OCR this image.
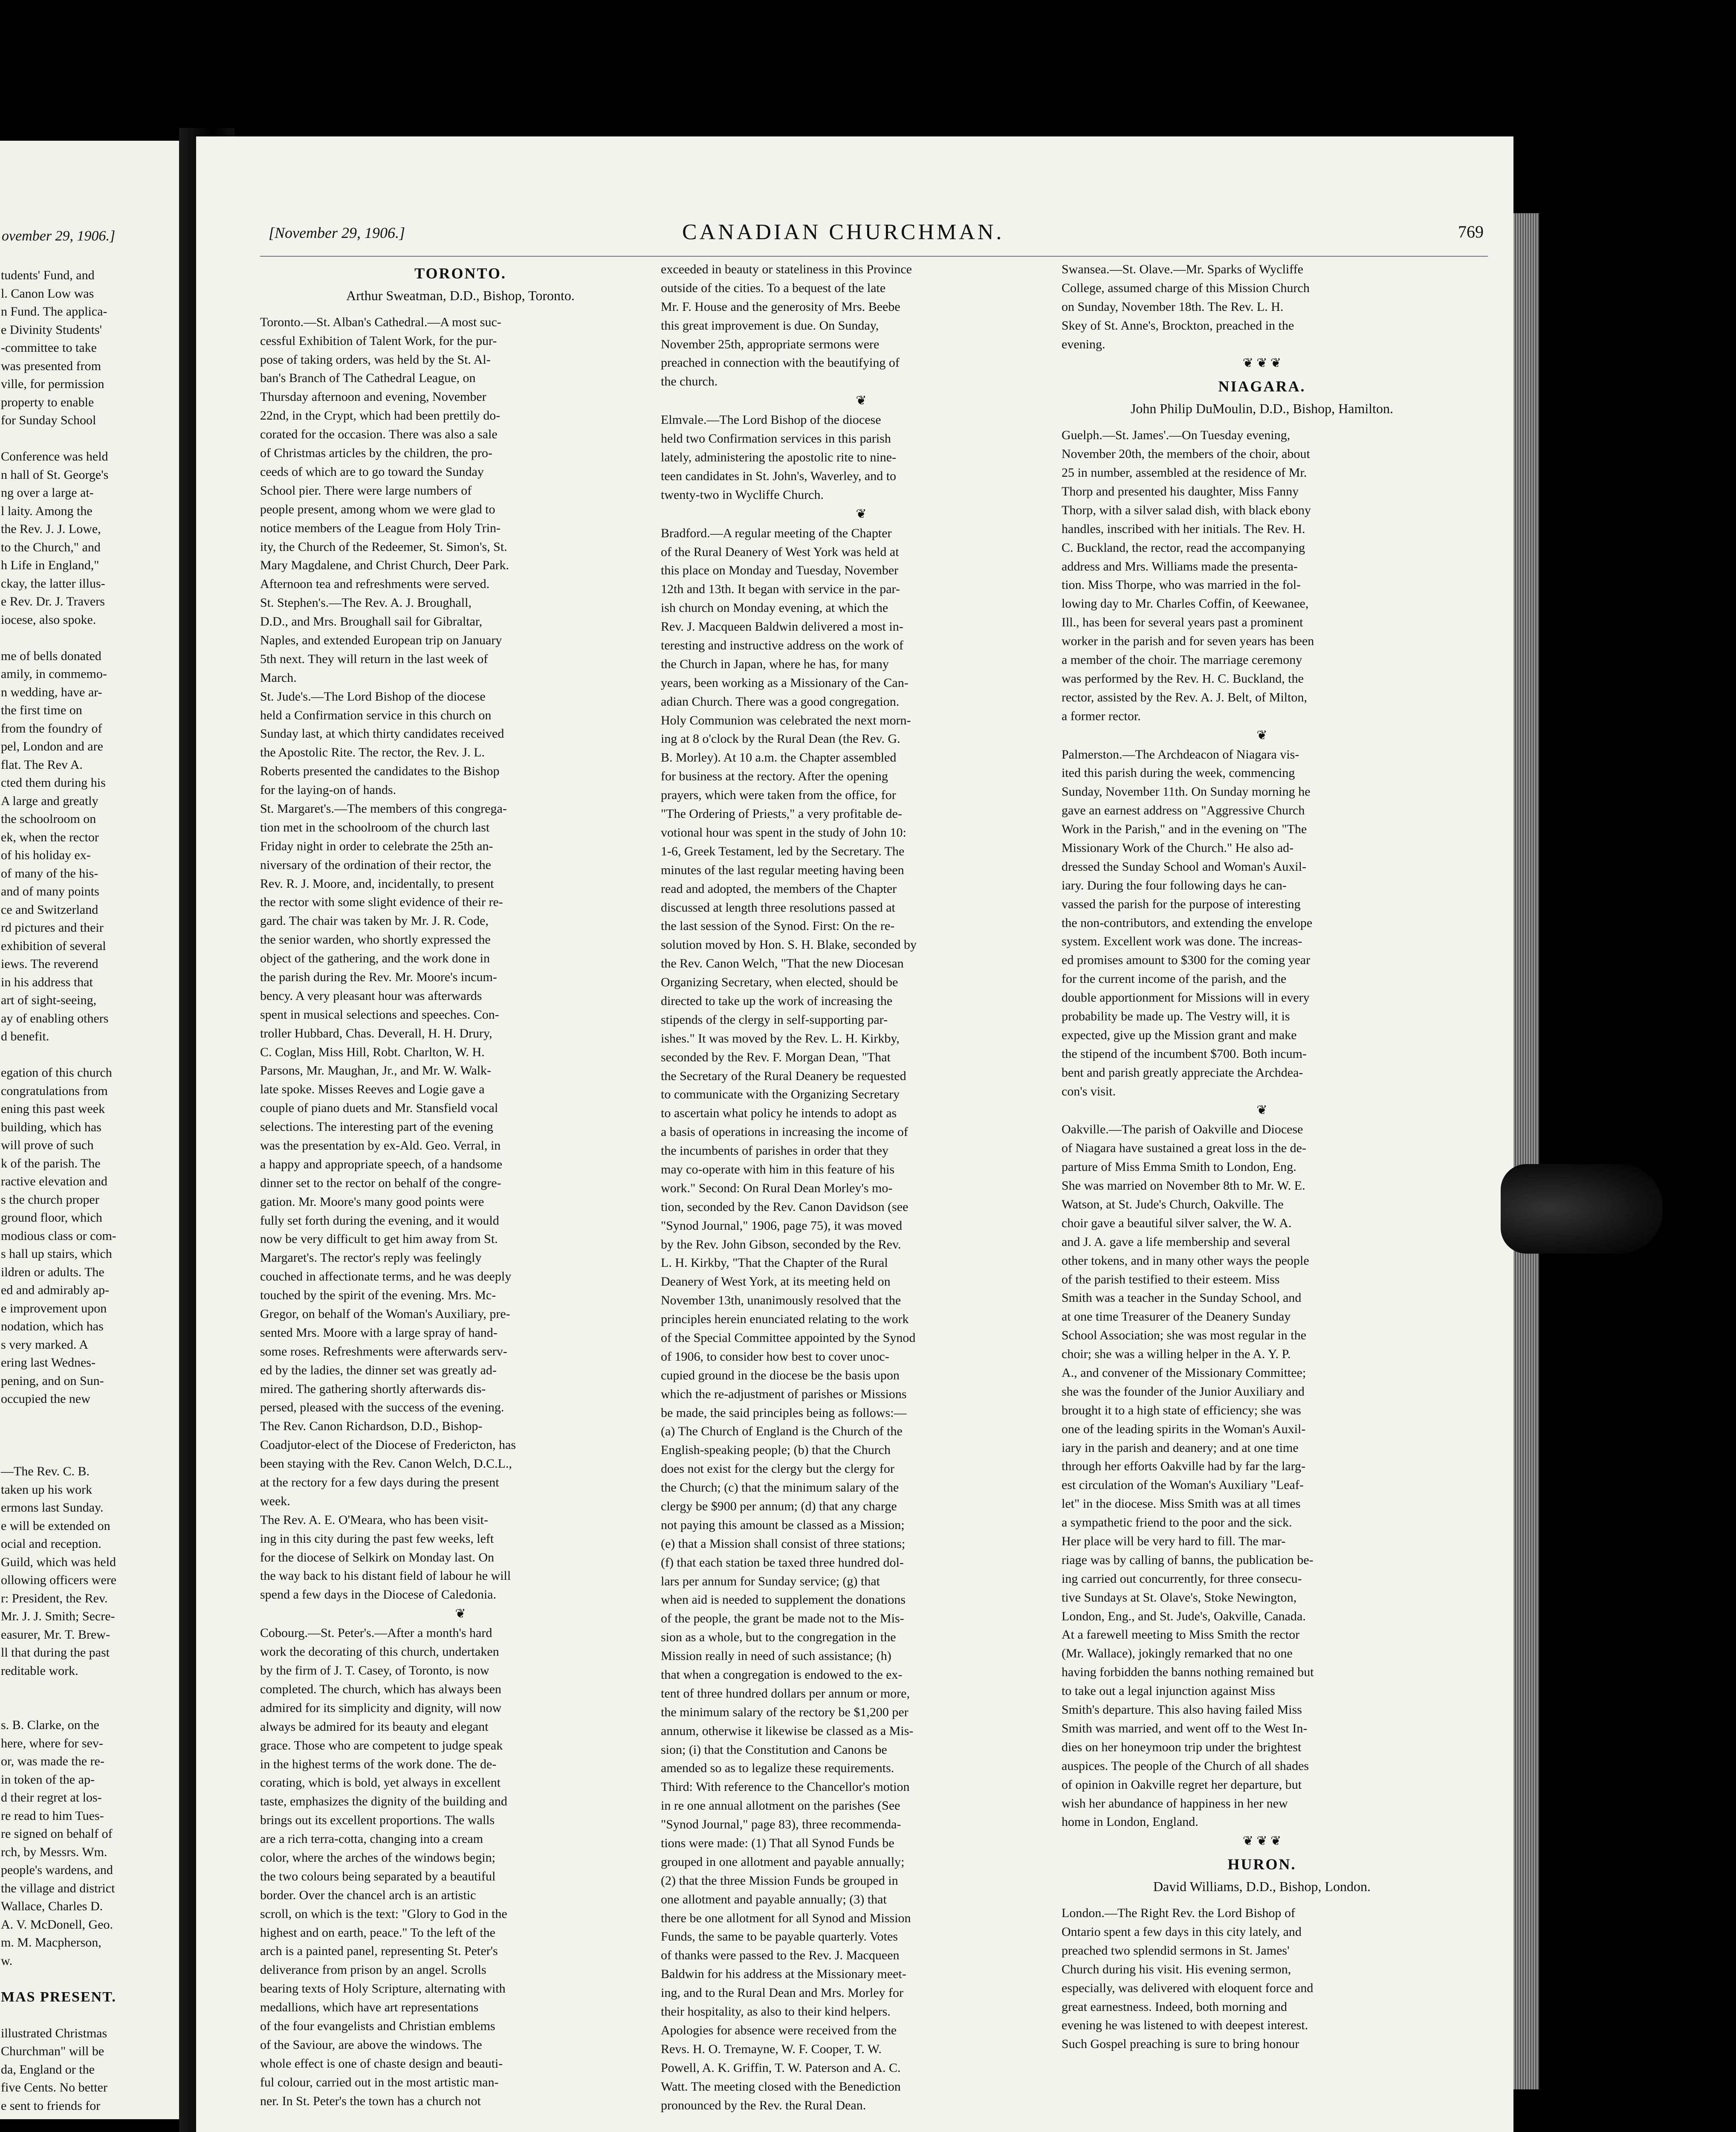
ovember 29, 1906.]
tudents' Fund, and
l. Canon Low was
n Fund. The applica-
e Divinity Students'
-committee to take
was presented from
ville, for permission
property to enable
for Sunday School
Conference was held
n hall of St. George's
ng over a large at-
l laity. Among the
the Rev. J. J. Lowe,
to the Church," and
h Life in England,"
ckay, the latter illus-
e Rev. Dr. J. Travers
iocese, also spoke.
me of bells donated
amily, in commemo-
n wedding, have ar-
the first time on
from the foundry of
pel, London and are
flat. The Rev A.
cted them during his
A large and greatly
the schoolroom on
ek, when the rector
of his holiday ex-
of many of the his-
and of many points
ce and Switzerland
rd pictures and their
exhibition of several
iews. The reverend
in his address that
art of sight-seeing,
ay of enabling others
d benefit.
egation of this church
congratulations from
ening this past week
building, which has
will prove of such
k of the parish. The
ractive elevation and
s the church proper
ground floor, which
modious class or com-
s hall up stairs, which
ildren or adults. The
ed and admirably ap-
e improvement upon
nodation, which has
s very marked. A
ering last Wednes-
pening, and on Sun-
occupied the new
—The Rev. C. B.
taken up his work
ermons last Sunday.
e will be extended on
ocial and reception.
Guild, which was held
ollowing officers were
r: President, the Rev.
Mr. J. J. Smith; Secre-
easurer, Mr. T. Brew-
ll that during the past
reditable work.
s. B. Clarke, on the
here, where for sev-
or, was made the re-
in token of the ap-
d their regret at los-
re read to him Tues-
re signed on behalf of
rch, by Messrs. Wm.
people's wardens, and
the village and district
Wallace, Charles D.
A. V. McDonell, Geo.
m. M. Macpherson,
w.
MAS PRESENT.
illustrated Christmas
Churchman" will be
da, England or the
five Cents. No better
e sent to friends for
[November 29, 1906.]	CANADIAN CHURCHMAN.	769
TORONTO.
Arthur Sweatman, D.D., Bishop, Toronto.
Toronto.—St. Alban's Cathedral.—A most suc-
cessful Exhibition of Talent Work, for the pur-
pose of taking orders, was held by the St. Al-
ban's Branch of The Cathedral League, on
Thursday afternoon and evening, November
22nd, in the Crypt, which had been prettily do-
corated for the occasion. There was also a sale
of Christmas articles by the children, the pro-
ceeds of which are to go toward the Sunday
School pier. There were large numbers of
people present, among whom we were glad to
notice members of the League from Holy Trin-
ity, the Church of the Redeemer, St. Simon's, St.
Mary Magdalene, and Christ Church, Deer Park.
Afternoon tea and refreshments were served.
St. Stephen's.—The Rev. A. J. Broughall,
D.D., and Mrs. Broughall sail for Gibraltar,
Naples, and extended European trip on January
5th next. They will return in the last week of
March.
St. Jude's.—The Lord Bishop of the diocese
held a Confirmation service in this church on
Sunday last, at which thirty candidates received
the Apostolic Rite. The rector, the Rev. J. L.
Roberts presented the candidates to the Bishop
for the laying-on of hands.
St. Margaret's.—The members of this congrega-
tion met in the schoolroom of the church last
Friday night in order to celebrate the 25th an-
niversary of the ordination of their rector, the
Rev. R. J. Moore, and, incidentally, to present
the rector with some slight evidence of their re-
gard. The chair was taken by Mr. J. R. Code,
the senior warden, who shortly expressed the
object of the gathering, and the work done in
the parish during the Rev. Mr. Moore's incum-
bency. A very pleasant hour was afterwards
spent in musical selections and speeches. Con-
troller Hubbard, Chas. Deverall, H. H. Drury,
C. Coglan, Miss Hill, Robt. Charlton, W. H.
Parsons, Mr. Maughan, Jr., and Mr. W. Walk-
late spoke. Misses Reeves and Logie gave a
couple of piano duets and Mr. Stansfield vocal
selections. The interesting part of the evening
was the presentation by ex-Ald. Geo. Verral, in
a happy and appropriate speech, of a handsome
dinner set to the rector on behalf of the congre-
gation. Mr. Moore's many good points were
fully set forth during the evening, and it would
now be very difficult to get him away from St.
Margaret's. The rector's reply was feelingly
couched in affectionate terms, and he was deeply
touched by the spirit of the evening. Mrs. Mc-
Gregor, on behalf of the Woman's Auxiliary, pre-
sented Mrs. Moore with a large spray of hand-
some roses. Refreshments were afterwards serv-
ed by the ladies, the dinner set was greatly ad-
mired. The gathering shortly afterwards dis-
persed, pleased with the success of the evening.
The Rev. Canon Richardson, D.D., Bishop-
Coadjutor-elect of the Diocese of Fredericton, has
been staying with the Rev. Canon Welch, D.C.L.,
at the rectory for a few days during the present
week.
The Rev. A. E. O'Meara, who has been visit-
ing in this city during the past few weeks, left
for the diocese of Selkirk on Monday last. On
the way back to his distant field of labour he will
spend a few days in the Diocese of Caledonia.
❦
Cobourg.—St. Peter's.—After a month's hard
work the decorating of this church, undertaken
by the firm of J. T. Casey, of Toronto, is now
completed. The church, which has always been
admired for its simplicity and dignity, will now
always be admired for its beauty and elegant
grace. Those who are competent to judge speak
in the highest terms of the work done. The de-
corating, which is bold, yet always in excellent
taste, emphasizes the dignity of the building and
brings out its excellent proportions. The walls
are a rich terra-cotta, changing into a cream
color, where the arches of the windows begin;
the two colours being separated by a beautiful
border. Over the chancel arch is an artistic
scroll, on which is the text: "Glory to God in the
highest and on earth, peace." To the left of the
arch is a painted panel, representing St. Peter's
deliverance from prison by an angel. Scrolls
bearing texts of Holy Scripture, alternating with
medallions, which have art representations
of the four evangelists and Christian emblems
of the Saviour, are above the windows. The
whole effect is one of chaste design and beauti-
ful colour, carried out in the most artistic man-
ner. In St. Peter's the town has a church not
exceeded in beauty or stateliness in this Province
outside of the cities. To a bequest of the late
Mr. F. House and the generosity of Mrs. Beebe
this great improvement is due. On Sunday,
November 25th, appropriate sermons were
preached in connection with the beautifying of
the church.
❦
Elmvale.—The Lord Bishop of the diocese
held two Confirmation services in this parish
lately, administering the apostolic rite to nine-
teen candidates in St. John's, Waverley, and to
twenty-two in Wycliffe Church.
❦
Bradford.—A regular meeting of the Chapter
of the Rural Deanery of West York was held at
this place on Monday and Tuesday, November
12th and 13th. It began with service in the par-
ish church on Monday evening, at which the
Rev. J. Macqueen Baldwin delivered a most in-
teresting and instructive address on the work of
the Church in Japan, where he has, for many
years, been working as a Missionary of the Can-
adian Church. There was a good congregation.
Holy Communion was celebrated the next morn-
ing at 8 o'clock by the Rural Dean (the Rev. G.
B. Morley). At 10 a.m. the Chapter assembled
for business at the rectory. After the opening
prayers, which were taken from the office, for
"The Ordering of Priests," a very profitable de-
votional hour was spent in the study of John 10:
1-6, Greek Testament, led by the Secretary. The
minutes of the last regular meeting having been
read and adopted, the members of the Chapter
discussed at length three resolutions passed at
the last session of the Synod. First: On the re-
solution moved by Hon. S. H. Blake, seconded by
the Rev. Canon Welch, "That the new Diocesan
Organizing Secretary, when elected, should be
directed to take up the work of increasing the
stipends of the clergy in self-supporting par-
ishes." It was moved by the Rev. L. H. Kirkby,
seconded by the Rev. F. Morgan Dean, "That
the Secretary of the Rural Deanery be requested
to communicate with the Organizing Secretary
to ascertain what policy he intends to adopt as
a basis of operations in increasing the income of
the incumbents of parishes in order that they
may co-operate with him in this feature of his
work." Second: On Rural Dean Morley's mo-
tion, seconded by the Rev. Canon Davidson (see
"Synod Journal," 1906, page 75), it was moved
by the Rev. John Gibson, seconded by the Rev.
L. H. Kirkby, "That the Chapter of the Rural
Deanery of West York, at its meeting held on
November 13th, unanimously resolved that the
principles herein enunciated relating to the work
of the Special Committee appointed by the Synod
of 1906, to consider how best to cover unoc-
cupied ground in the diocese be the basis upon
which the re-adjustment of parishes or Missions
be made, the said principles being as follows:—
(a) The Church of England is the Church of the
English-speaking people; (b) that the Church
does not exist for the clergy but the clergy for
the Church; (c) that the minimum salary of the
clergy be $900 per annum; (d) that any charge
not paying this amount be classed as a Mission;
(e) that a Mission shall consist of three stations;
(f) that each station be taxed three hundred dol-
lars per annum for Sunday service; (g) that
when aid is needed to supplement the donations
of the people, the grant be made not to the Mis-
sion as a whole, but to the congregation in the
Mission really in need of such assistance; (h)
that when a congregation is endowed to the ex-
tent of three hundred dollars per annum or more,
the minimum salary of the rectory be $1,200 per
annum, otherwise it likewise be classed as a Mis-
sion; (i) that the Constitution and Canons be
amended so as to legalize these requirements.
Third: With reference to the Chancellor's motion
in re one annual allotment on the parishes (See
"Synod Journal," page 83), three recommenda-
tions were made: (1) That all Synod Funds be
grouped in one allotment and payable annually;
(2) that the three Mission Funds be grouped in
one allotment and payable annually; (3) that
there be one allotment for all Synod and Mission
Funds, the same to be payable quarterly. Votes
of thanks were passed to the Rev. J. Macqueen
Baldwin for his address at the Missionary meet-
ing, and to the Rural Dean and Mrs. Morley for
their hospitality, as also to their kind helpers.
Apologies for absence were received from the
Revs. H. O. Tremayne, W. F. Cooper, T. W.
Powell, A. K. Griffin, T. W. Paterson and A. C.
Watt. The meeting closed with the Benediction
pronounced by the Rev. the Rural Dean.
Swansea.—St. Olave.—Mr. Sparks of Wycliffe
College, assumed charge of this Mission Church
on Sunday, November 18th. The Rev. L. H.
Skey of St. Anne's, Brockton, preached in the
evening.
❦ ❦ ❦
NIAGARA.
John Philip DuMoulin, D.D., Bishop, Hamilton.
Guelph.—St. James'.—On Tuesday evening,
November 20th, the members of the choir, about
25 in number, assembled at the residence of Mr.
Thorp and presented his daughter, Miss Fanny
Thorp, with a silver salad dish, with black ebony
handles, inscribed with her initials. The Rev. H.
C. Buckland, the rector, read the accompanying
address and Mrs. Williams made the presenta-
tion. Miss Thorpe, who was married in the fol-
lowing day to Mr. Charles Coffin, of Keewanee,
Ill., has been for several years past a prominent
worker in the parish and for seven years has been
a member of the choir. The marriage ceremony
was performed by the Rev. H. C. Buckland, the
rector, assisted by the Rev. A. J. Belt, of Milton,
a former rector.
❦
Palmerston.—The Archdeacon of Niagara vis-
ited this parish during the week, commencing
Sunday, November 11th. On Sunday morning he
gave an earnest address on "Aggressive Church
Work in the Parish," and in the evening on "The
Missionary Work of the Church." He also ad-
dressed the Sunday School and Woman's Auxil-
iary. During the four following days he can-
vassed the parish for the purpose of interesting
the non-contributors, and extending the envelope
system. Excellent work was done. The increas-
ed promises amount to $300 for the coming year
for the current income of the parish, and the
double apportionment for Missions will in every
probability be made up. The Vestry will, it is
expected, give up the Mission grant and make
the stipend of the incumbent $700. Both incum-
bent and parish greatly appreciate the Archdea-
con's visit.
❦
Oakville.—The parish of Oakville and Diocese
of Niagara have sustained a great loss in the de-
parture of Miss Emma Smith to London, Eng.
She was married on November 8th to Mr. W. E.
Watson, at St. Jude's Church, Oakville. The
choir gave a beautiful silver salver, the W. A.
and J. A. gave a life membership and several
other tokens, and in many other ways the people
of the parish testified to their esteem. Miss
Smith was a teacher in the Sunday School, and
at one time Treasurer of the Deanery Sunday
School Association; she was most regular in the
choir; she was a willing helper in the A. Y. P.
A., and convener of the Missionary Committee;
she was the founder of the Junior Auxiliary and
brought it to a high state of efficiency; she was
one of the leading spirits in the Woman's Auxil-
iary in the parish and deanery; and at one time
through her efforts Oakville had by far the larg-
est circulation of the Woman's Auxiliary "Leaf-
let" in the diocese. Miss Smith was at all times
a sympathetic friend to the poor and the sick.
Her place will be very hard to fill. The mar-
riage was by calling of banns, the publication be-
ing carried out concurrently, for three consecu-
tive Sundays at St. Olave's, Stoke Newington,
London, Eng., and St. Jude's, Oakville, Canada.
At a farewell meeting to Miss Smith the rector
(Mr. Wallace), jokingly remarked that no one
having forbidden the banns nothing remained but
to take out a legal injunction against Miss
Smith's departure. This also having failed Miss
Smith was married, and went off to the West In-
dies on her honeymoon trip under the brightest
auspices. The people of the Church of all shades
of opinion in Oakville regret her departure, but
wish her abundance of happiness in her new
home in London, England.
❦ ❦ ❦
HURON.
David Williams, D.D., Bishop, London.
London.—The Right Rev. the Lord Bishop of
Ontario spent a few days in this city lately, and
preached two splendid sermons in St. James'
Church during his visit. His evening sermon,
especially, was delivered with eloquent force and
great earnestness. Indeed, both morning and
evening he was listened to with deepest interest.
Such Gospel preaching is sure to bring honour
